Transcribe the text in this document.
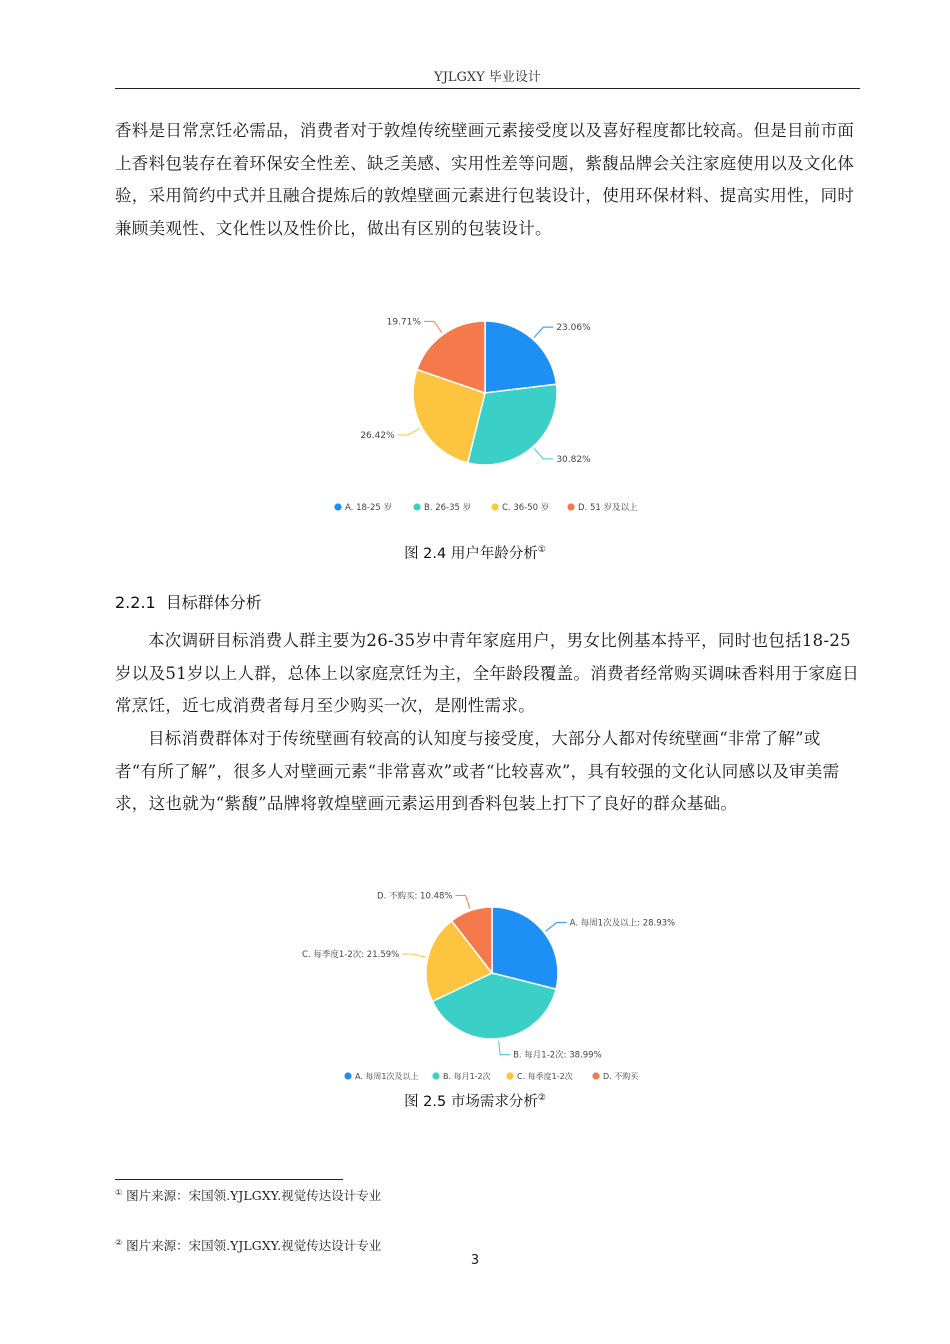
YJLGXY 毕业设计

香料是日常烹饪必需品，消费者对于敦煌传统壁画元素接受度以及喜好程度都比较高。但是目前市面上香料包装存在着环保安全性差、缺乏美感、实用性差等问题，紫馥品牌会关注家庭使用以及文化体验，采用简约中式并且融合提炼后的敦煌壁画元素进行包装设计，使用环保材料、提高实用性，同时兼顾美观性、文化性以及性价比，做出有区别的包装设计。

23.06%
30.82%
26.42%
19.71%
A. 18-25 岁	B. 26-35 岁	C. 36-50 岁	D. 51 岁及以上
图 2.4 用户年龄分析①
2.2.1 目标群体分析

本次调研目标消费人群主要为26-35岁中青年家庭用户，男女比例基本持平，同时也包括18-25岁以及51岁以上人群，总体上以家庭烹饪为主，全年龄段覆盖。消费者经常购买调味香料用于家庭日常烹饪，近七成消费者每月至少购买一次，是刚性需求。

目标消费群体对于传统壁画有较高的认知度与接受度，大部分人都对传统壁画“非常了解”或者“有所了解”，很多人对壁画元素“非常喜欢”或者“比较喜欢”，具有较强的文化认同感以及审美需求，这也就为“紫馥”品牌将敦煌壁画元素运用到香料包装上打下了良好的群众基础。

A. 每周1次及以上: 28.93%
B. 每月1-2次: 38.99%
C. 每季度1-2次: 21.59%
D. 不购买: 10.48%
A. 每周1次及以上	B. 每月1-2次	C. 每季度1-2次	D. 不购买
图 2.5 市场需求分析②
① 图片来源：宋国领.YJLGXY.视觉传达设计专业
② 图片来源：宋国领.YJLGXY.视觉传达设计专业
3
